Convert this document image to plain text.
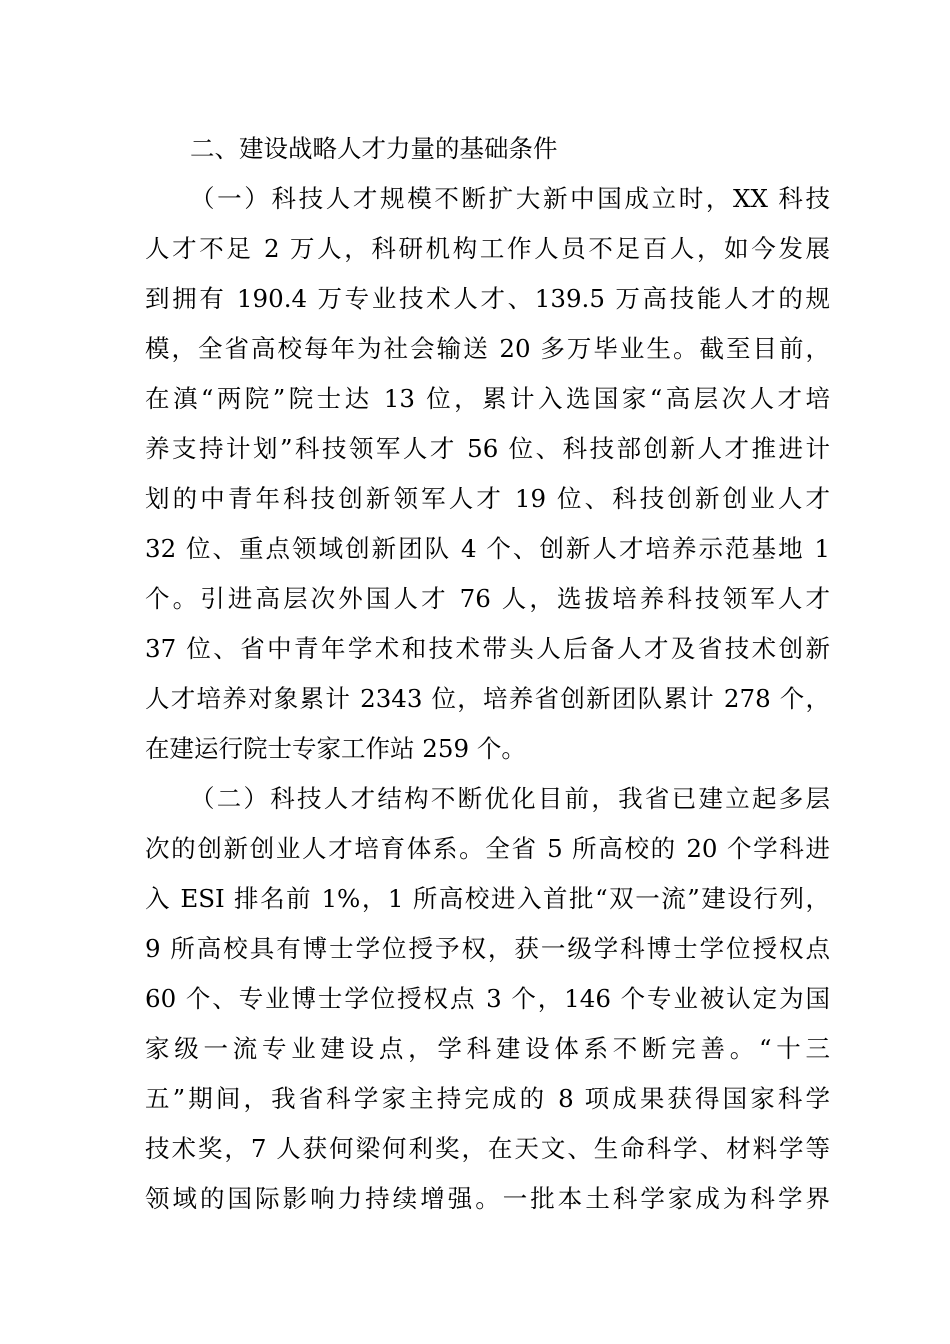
二、建设战略人才力量的基础条件
（一）科技人才规模不断扩大新中国成立时，XX 科技
人才不足 2 万人，科研机构工作人员不足百人，如今发展
到拥有 190.4 万专业技术人才、139.5 万高技能人才的规
模，全省高校每年为社会输送 20 多万毕业生。截至目前，
在滇“两院”院士达 13 位，累计入选国家“高层次人才培
养支持计划”科技领军人才 56 位、科技部创新人才推进计
划的中青年科技创新领军人才 19 位、科技创新创业人才
32 位、重点领域创新团队 4 个、创新人才培养示范基地 1
个。引进高层次外国人才 76 人，选拔培养科技领军人才
37 位、省中青年学术和技术带头人后备人才及省技术创新
人才培养对象累计 2343 位，培养省创新团队累计 278 个，
在建运行院士专家工作站 259 个。
（二）科技人才结构不断优化目前，我省已建立起多层
次的创新创业人才培育体系。全省 5 所高校的 20 个学科进
入 ESI 排名前 1%，1 所高校进入首批“双一流”建设行列，
9 所高校具有博士学位授予权，获一级学科博士学位授权点
60 个、专业博士学位授权点 3 个，146 个专业被认定为国
家级一流专业建设点，学科建设体系不断完善。“十三
五”期间，我省科学家主持完成的 8 项成果获得国家科学
技术奖，7 人获何梁何利奖，在天文、生命科学、材料学等
领域的国际影响力持续增强。一批本土科学家成为科学界
